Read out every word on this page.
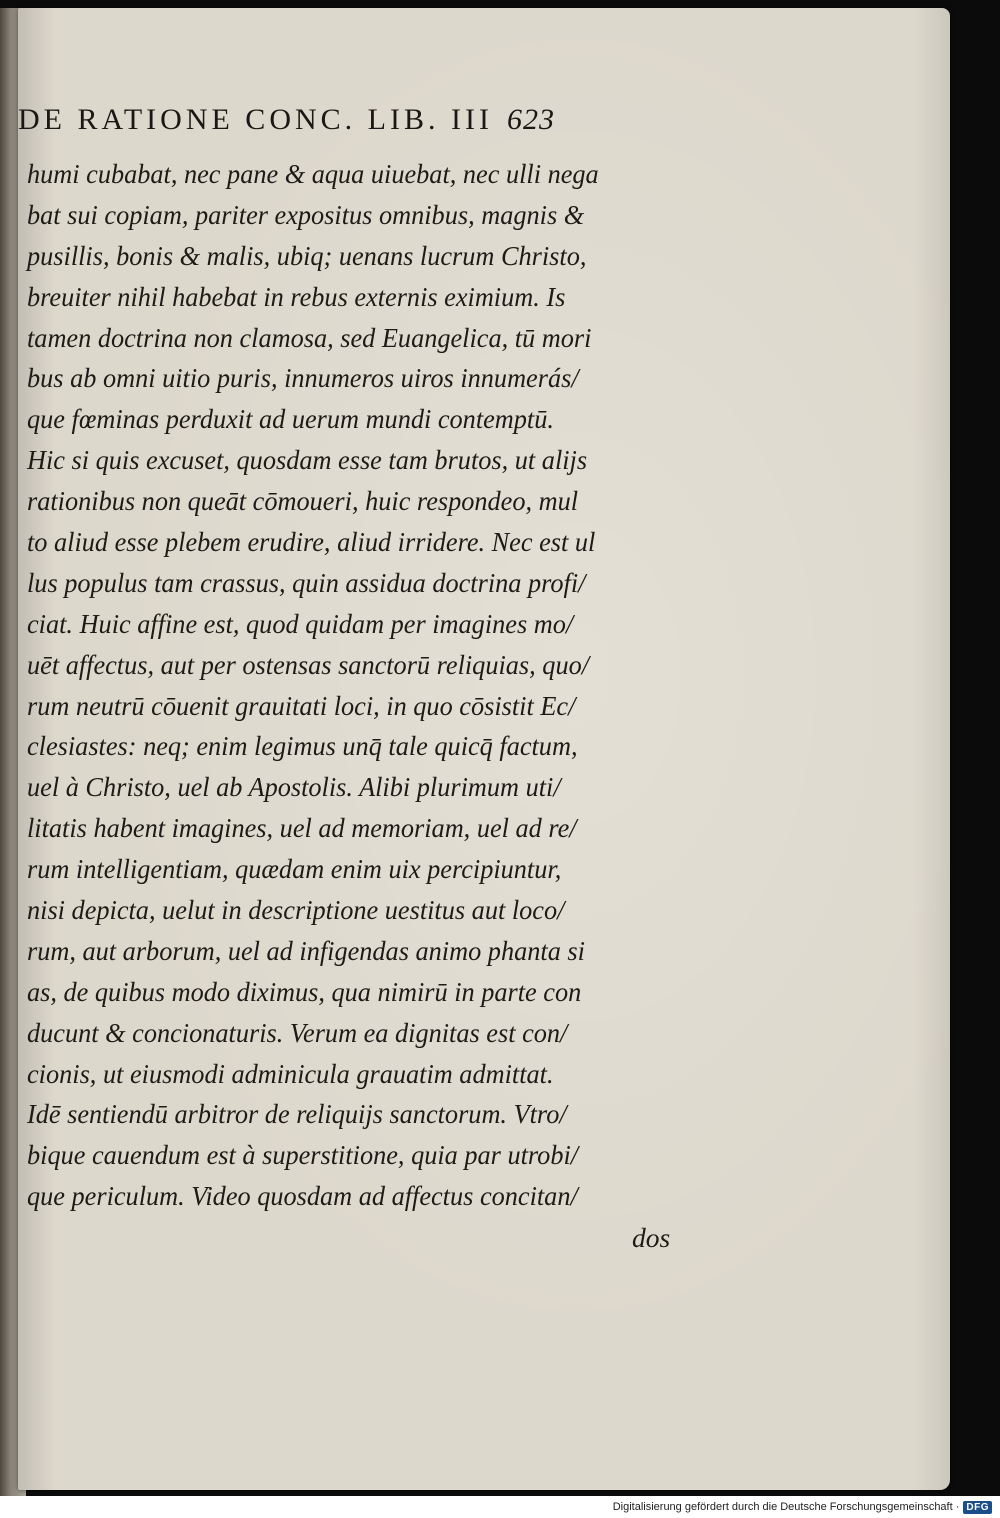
DE RATIONE CONC. LIB. III 623
humi cubabat, nec pane & aqua uiuebat, nec ulli nega
bat sui copiam, pariter expositus omnibus, magnis &
pusillis, bonis & malis, ubiq; uenans lucrum Christo,
breuiter nihil habebat in rebus externis eximium. Is
tamen doctrina non clamosa, sed Euangelica, tū mori
bus ab omni uitio puris, innumeros uiros innumerás/
que fœminas perduxit ad uerum mundi contemptū.
Hic si quis excuset, quosdam esse tam brutos, ut alijs
rationibus non queāt cōmoueri, huic respondeo, mul
to aliud esse plebem erudire, aliud irridere. Nec est ul
lus populus tam crassus, quin assidua doctrina profi/
ciat. Huic affine est, quod quidam per imagines mo/
uēt affectus, aut per ostensas sanctorū reliquias, quo/
rum neutrū cōuenit grauitati loci, in quo cōsistit Ec/
clesiastes: neq; enim legimus unq̄ tale quicq̄ factum,
uel à Christo, uel ab Apostolis. Alibi plurimum uti/
litatis habent imagines, uel ad memoriam, uel ad re/
rum intelligentiam, quædam enim uix percipiuntur,
nisi depicta, uelut in descriptione uestitus aut loco/
rum, aut arborum, uel ad infigendas animo phanta si
as, de quibus modo diximus, qua nimirū in parte con
ducunt & concionaturis. Verum ea dignitas est con/
cionis, ut eiusmodi adminicula grauatim admittat.
Idē sentiendū arbitror de reliquijs sanctorum. Vtro/
bique cauendum est à superstitione, quia par utrobi/
que periculum. Video quosdam ad affectus concitan/
dos
Digitalisierung gefördert durch die Deutsche Forschungsgemeinschaft · DFG
